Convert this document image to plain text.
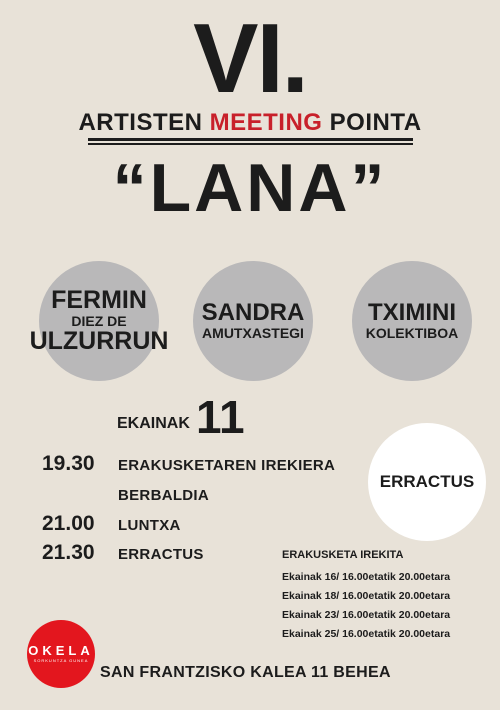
VI.
ARTISTEN MEETING POINTA
“LANA”
FERMIN
DIEZ DE
ULZURRUN
SANDRA
AMUTXASTEGI
TXIMINI
KOLEKTIBOA
EKAINAK 11
19.30 ERAKUSKETAREN IREKIERA
BERBALDIA
21.00 LUNTXA
21.30 ERRACTUS
ERRACTUS
ERAKUSKETA IREKITA
Ekainak 16/ 16.00etatik 20.00etara
Ekainak 18/ 16.00etatik 20.00etara
Ekainak 23/ 16.00etatik 20.00etara
Ekainak 25/ 16.00etatik 20.00etara
OKELA
SORKUNTZA GUNEA
SAN FRANTZISKO KALEA 11 BEHEA
